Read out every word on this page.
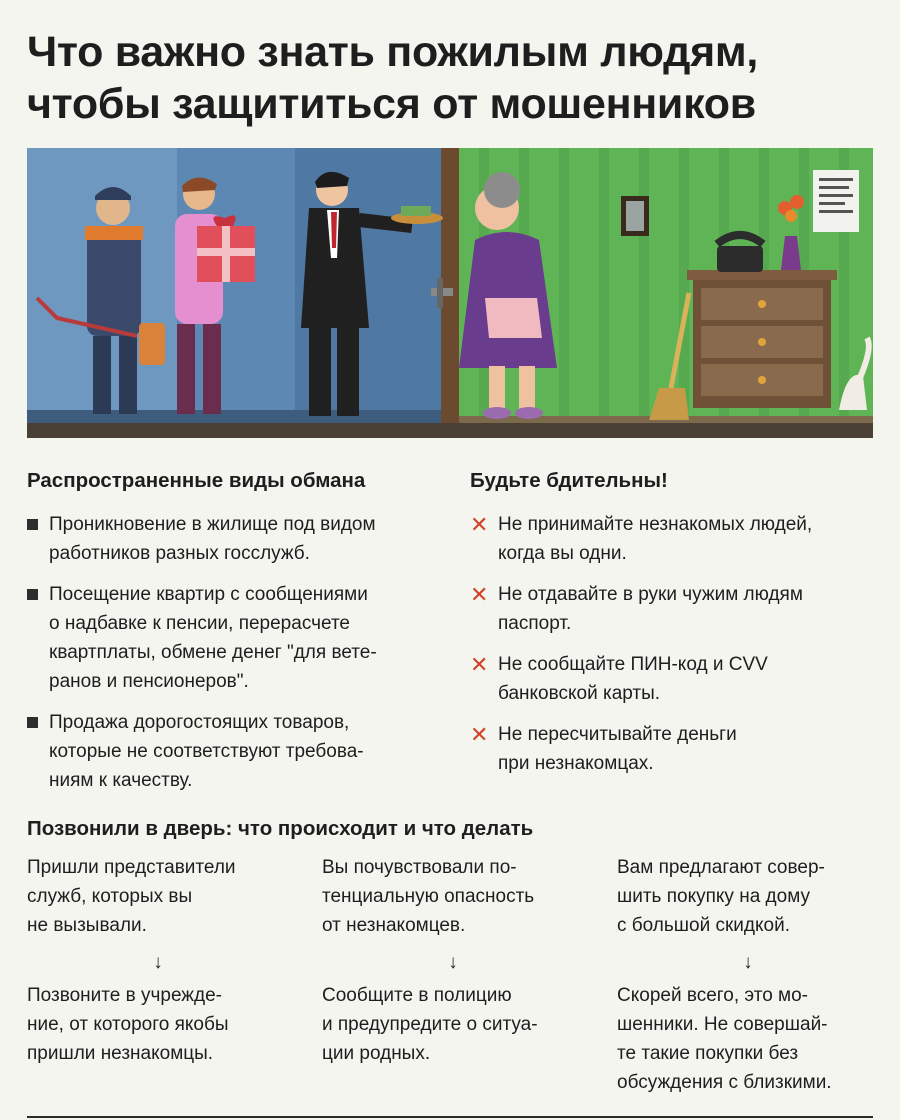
Что важно знать пожилым людям,
чтобы защититься от мошенников
Распространенные виды обмана
Проникновение в жилище под видом
работников разных госслужб.
Посещение квартир с сообщениями
о надбавке к пенсии, перерасчете
квартплаты, обмене денег "для вете-
ранов и пенсионеров".
Продажа дорогостоящих товаров,
которые не соответствуют требова-
ниям к качеству.
Будьте бдительны!
✕ Не принимайте незнакомых людей,
когда вы одни.
✕ Не отдавайте в руки чужим людям
паспорт.
✕ Не сообщайте ПИН-код и CVV
банковской карты.
✕ Не пересчитывайте деньги
при незнакомцах.
Позвонили в дверь: что происходит и что делать
Пришли представители
служб, которых вы
не вызывали.
↓
Позвоните в учрежде-
ние, от которого якобы
пришли незнакомцы.
Вы почувствовали по-
тенциальную опасность
от незнакомцев.
↓
Сообщите в полицию
и предупредите о ситуа-
ции родных.
Вам предлагают совер-
шить покупку на дому
с большой скидкой.
↓
Скорей всего, это мо-
шенники. Не совершай-
те такие покупки без
обсуждения с близкими.
